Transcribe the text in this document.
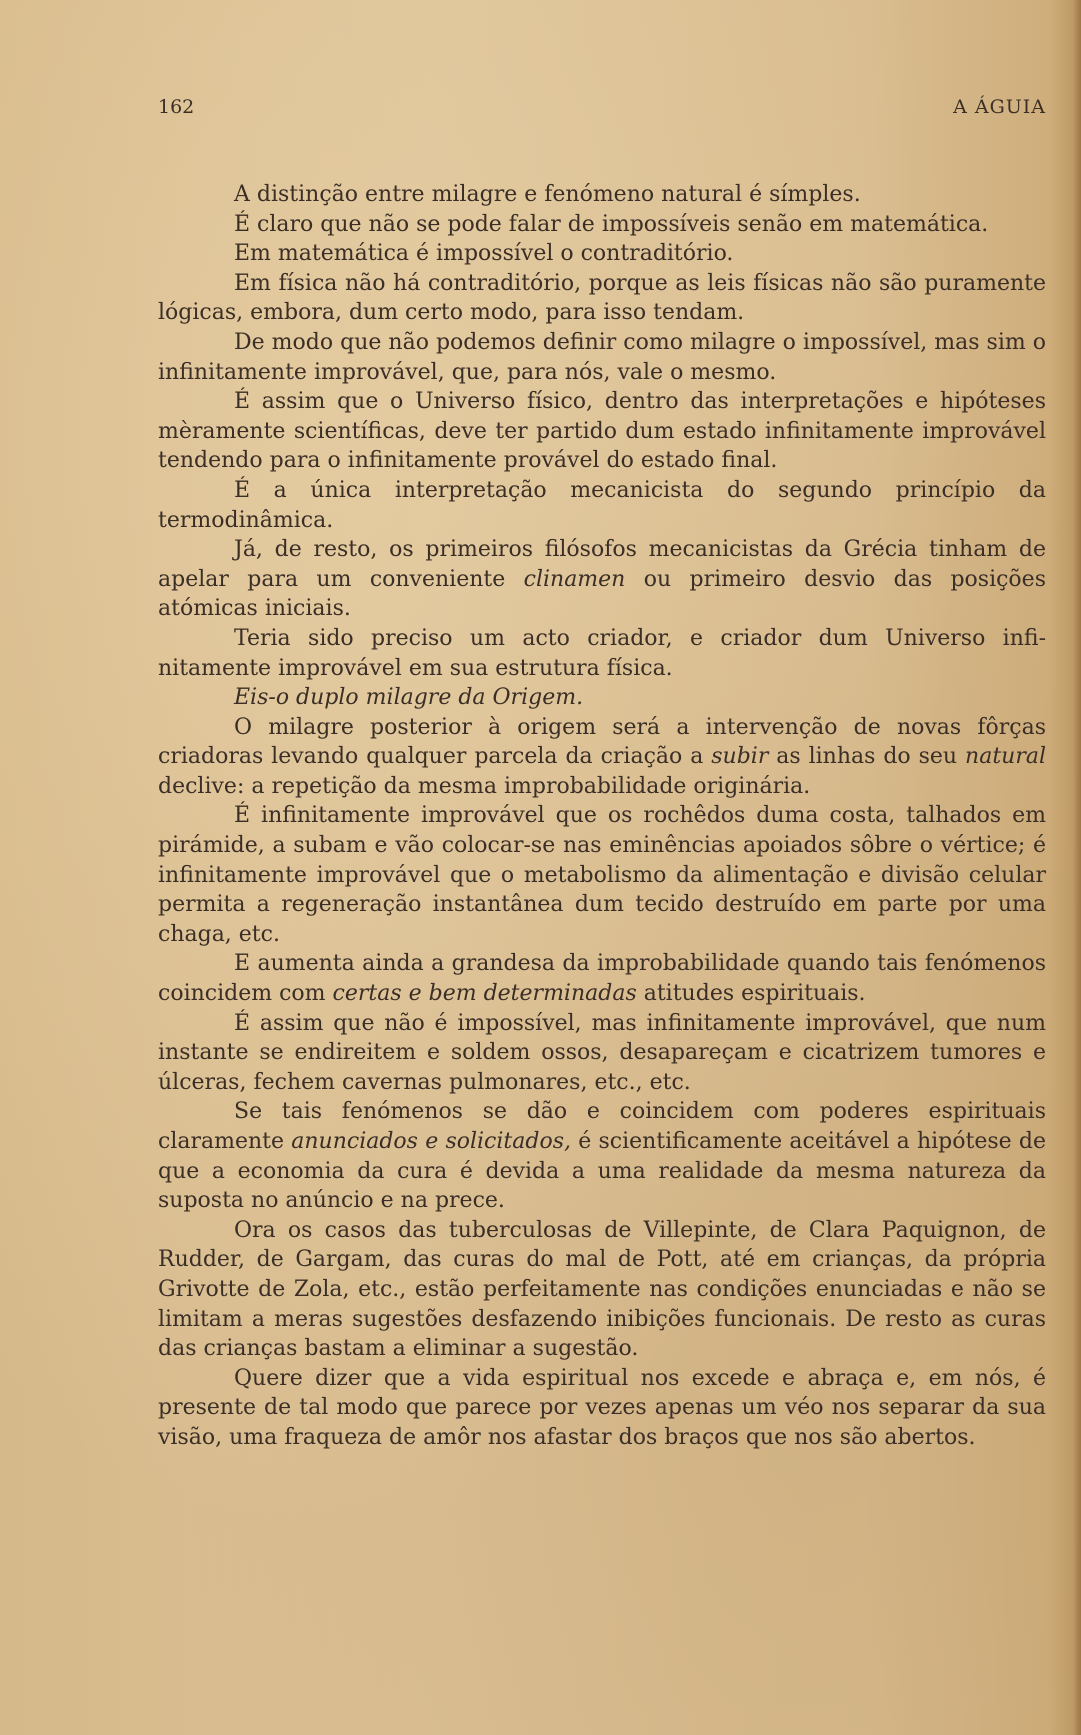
162	A ÁGUIA

A distinção entre milagre e fenómeno natural é símples.

É claro que não se pode falar de impossíveis senão em matemática.

Em matemática é impossível o contraditório.

Em física não há contraditório, porque as leis físicas não são puramente lógicas, embora, dum certo modo, para isso tendam.

De modo que não podemos definir como milagre o impossível, mas sim o infinitamente improvável, que, para nós, vale o mesmo.

É assim que o Universo físico, dentro das interpretações e hipóteses mèramente scientíficas, deve ter partido dum estado infinitamente improvável tendendo para o infinitamente provável do estado final.

É a única interpretação mecanicista do segundo princípio da termodinâmica.

Já, de resto, os primeiros filósofos mecanicistas da Grécia tinham de apelar para um conveniente clinamen ou primeiro desvio das posições atómicas iniciais.

Teria sido preciso um acto criador, e criador dum Universo infinitamente improvável em sua estrutura física.

Eis-o duplo milagre da Origem.

O milagre posterior à origem será a intervenção de novas fôrças criadoras levando qualquer parcela da criação a subir as linhas do seu natural declive: a repetição da mesma improbabilidade originária.

É infinitamente improvável que os rochêdos duma costa, talhados em pirámide, a subam e vão colocar-se nas eminências apoiados sôbre o vértice; é infinitamente improvável que o metabolismo da alimentação e divisão celular permita a regeneração instantânea dum tecido destruído em parte por uma chaga, etc.

E aumenta ainda a grandesa da improbabilidade quando tais fenómenos coincidem com certas e bem determinadas atitudes espirituais.

É assim que não é impossível, mas infinitamente improvável, que num instante se endireitem e soldem ossos, desapareçam e cicatrizem tumores e úlceras, fechem cavernas pulmonares, etc., etc.

Se tais fenómenos se dão e coincidem com poderes espirituais claramente anunciados e solicitados, é scientificamente aceitável a hipótese de que a economia da cura é devida a uma realidade da mesma natureza da suposta no anúncio e na prece.

Ora os casos das tuberculosas de Villepinte, de Clara Paquignon, de Rudder, de Gargam, das curas do mal de Pott, até em crianças, da própria Grivotte de Zola, etc., estão perfeitamente nas condições enunciadas e não se limitam a meras sugestões desfazendo inibições funcionais. De resto as curas das crianças bastam a eliminar a sugestão.

Quere dizer que a vida espiritual nos excede e abraça e, em nós, é presente de tal modo que parece por vezes apenas um véo nos separar da sua visão, uma fraqueza de amôr nos afastar dos braços que nos são abertos.
